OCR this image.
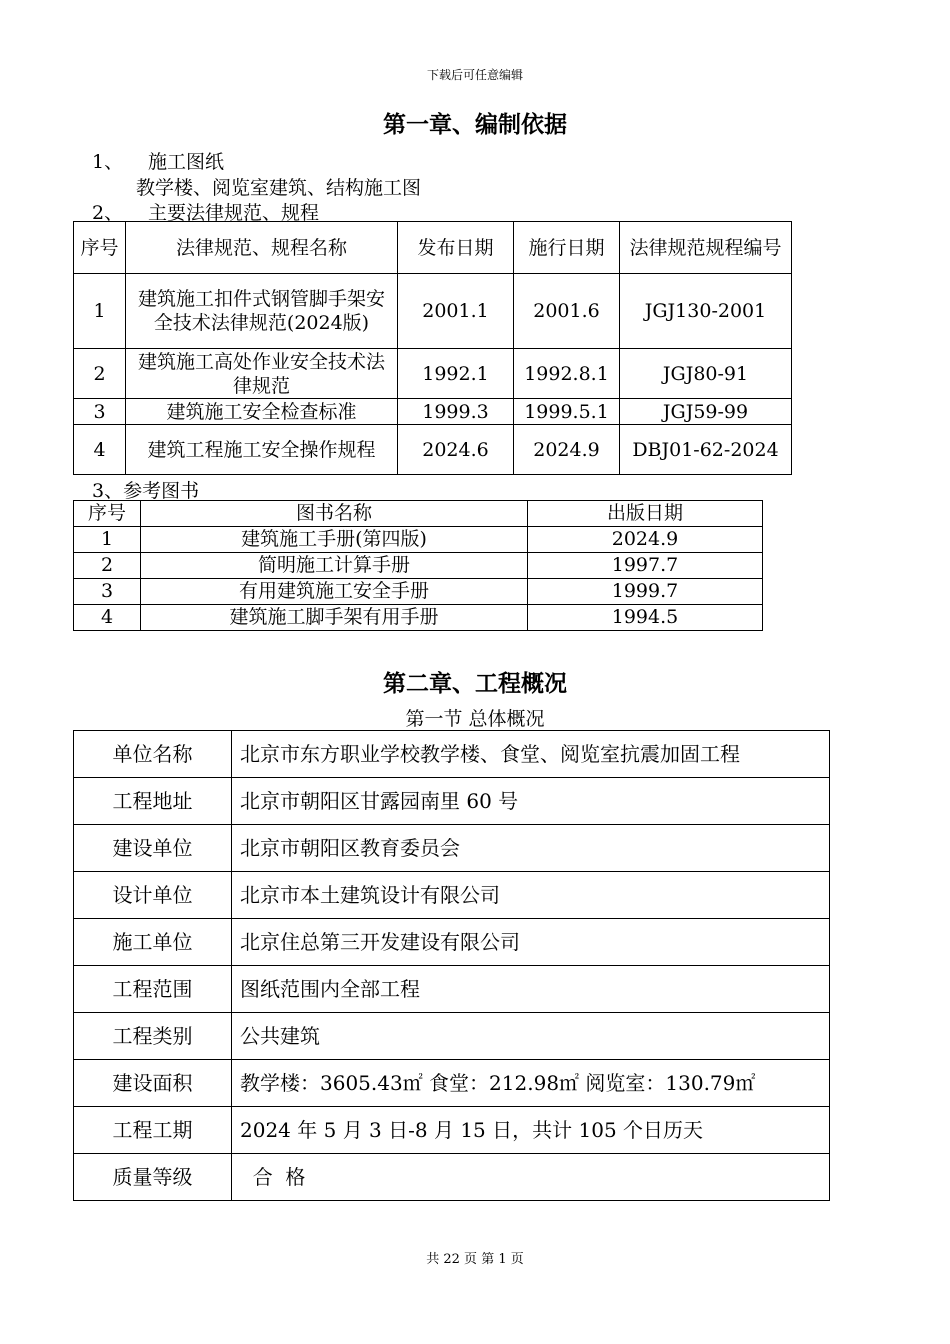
下载后可任意编辑
第一章、编制依据
1、 施工图纸
教学楼、阅览室建筑、结构施工图
2、 主要法律规范、规程
序号	法律规范、规程名称	发布日期	施行日期	法律规范规程编号
1	建筑施工扣件式钢管脚手架安全技术法律规范(2024版)	2001.1	2001.6	JGJ130-2001
2	建筑施工高处作业安全技术法律规范	1992.1	1992.8.1	JGJ80-91
3	建筑施工安全检查标准	1999.3	1999.5.1	JGJ59-99
4	建筑工程施工安全操作规程	2024.6	2024.9	DBJ01-62-2024
3、参考图书
序号	图书名称	出版日期
1	建筑施工手册(第四版)	2024.9
2	简明施工计算手册	1997.7
3	有用建筑施工安全手册	1999.7
4	建筑施工脚手架有用手册	1994.5
第二章、工程概况
第一节 总体概况
单位名称	北京市东方职业学校教学楼、食堂、阅览室抗震加固工程
工程地址	北京市朝阳区甘露园南里 60 号
建设单位	北京市朝阳区教育委员会
设计单位	北京市本土建筑设计有限公司
施工单位	北京住总第三开发建设有限公司
工程范围	图纸范围内全部工程
工程类别	公共建筑
建设面积	教学楼：3605.43㎡ 食堂：212.98㎡ 阅览室：130.79㎡
工程工期	2024 年 5 月 3 日-8 月 15 日，共计 105 个日历天
质量等级	合  格
共 22 页 第 1 页
